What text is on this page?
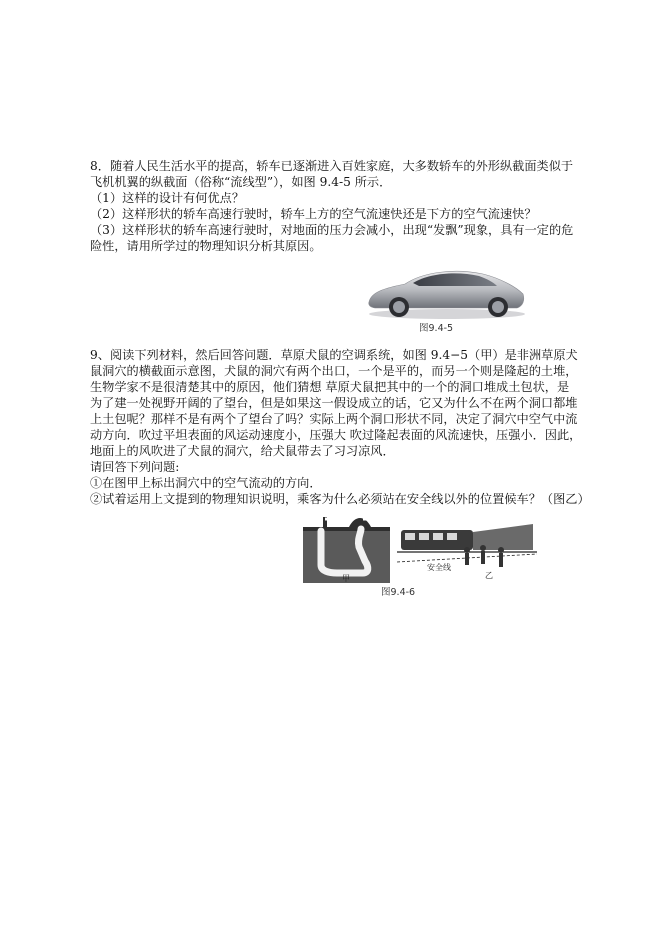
8．随着人民生活水平的提高，轿车已逐渐进入百姓家庭，大多数轿车的外形纵截面类似于
飞机机翼的纵截面（俗称“流线型”），如图 9.4-5 所示．
（1）这样的设计有何优点？
（2）这样形状的轿车高速行驶时，轿车上方的空气流速快还是下方的空气流速快？
（3）这样形状的轿车高速行驶时，对地面的压力会减小，出现“发飘”现象，具有一定的危
险性，请用所学过的物理知识分析其原因。
图9.4-5
9、阅读下列材料，然后回答问题．草原犬鼠的空调系统，如图 9.4−5（甲）是非洲草原犬
鼠洞穴的横截面示意图，犬鼠的洞穴有两个出口，一个是平的，而另一个则是隆起的土堆，
生物学家不是很清楚其中的原因，他们猜想 草原犬鼠把其中的一个的洞口堆成土包状，是
为了建一处视野开阔的了望台，但是如果这一假设成立的话，它又为什么不在两个洞口都堆
上土包呢？那样不是有两个了望台了吗？实际上两个洞口形状不同，决定了洞穴中空气中流
动方向．吹过平坦表面的风运动速度小，压强大 吹过隆起表面的风流速快，压强小．因此，
地面上的风吹进了犬鼠的洞穴，给犬鼠带去了习习凉风．
请回答下列问题:
①在图甲上标出洞穴中的空气流动的方向．
②试着运用上文提到的物理知识说明，乘客为什么必须站在安全线以外的位置候车？（图乙）
甲
安全线
乙
图9.4-6
